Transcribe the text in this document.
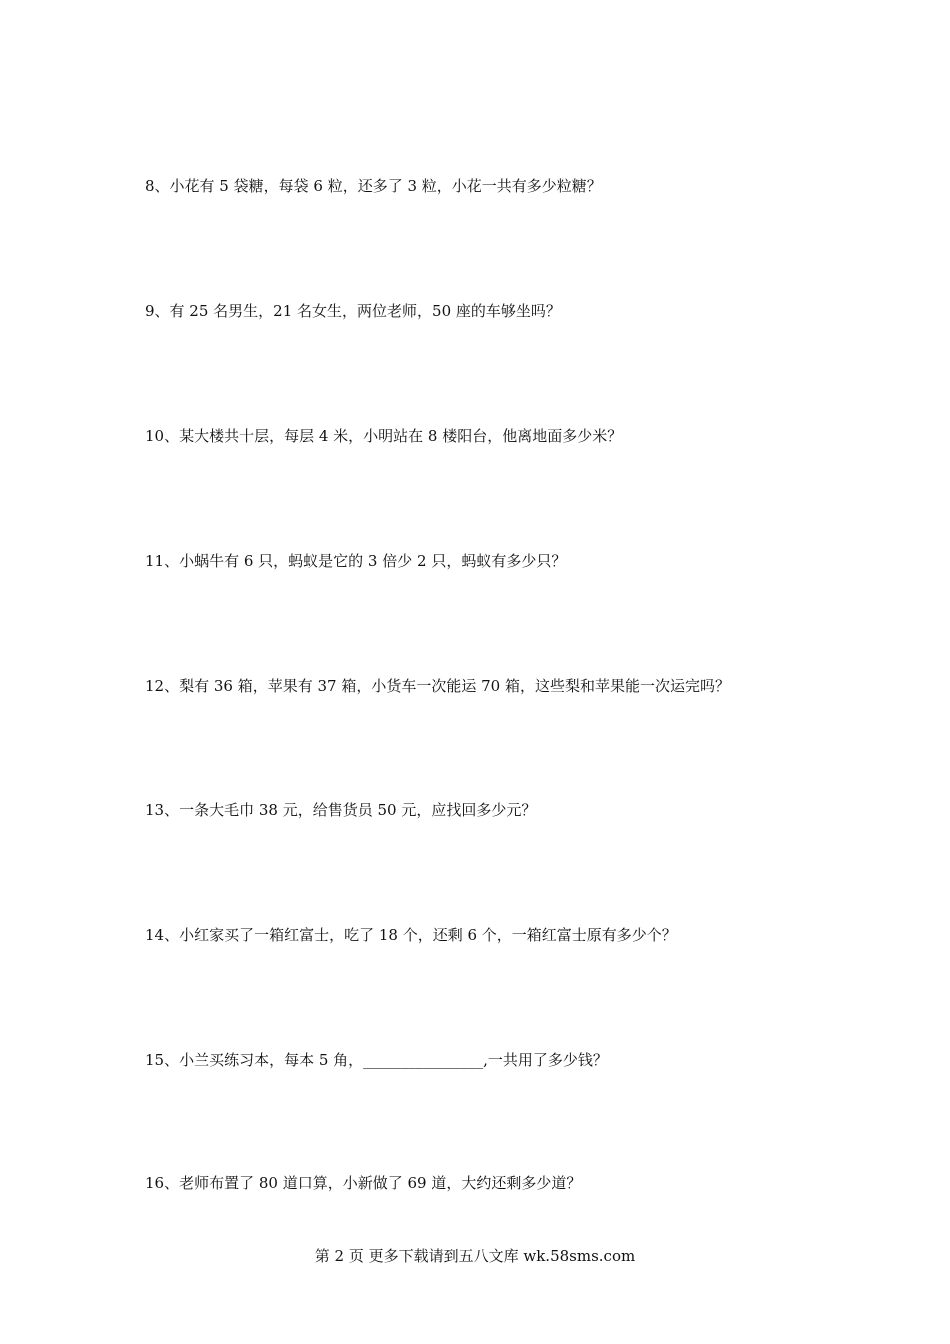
8、小花有 5 袋糖，每袋 6 粒，还多了 3 粒，小花一共有多少粒糖？
9、有 25 名男生，21 名女生，两位老师，50 座的车够坐吗？
10、某大楼共十层，每层 4 米，小明站在 8 楼阳台，他离地面多少米？
11、小蜗牛有 6 只，蚂蚁是它的 3 倍少 2 只，蚂蚁有多少只？
12、梨有 36 箱，苹果有 37 箱，小货车一次能运 70 箱，这些梨和苹果能一次运完吗？
13、一条大毛巾 38 元，给售货员 50 元，应找回多少元？
14、小红家买了一箱红富士，吃了 18 个，还剩 6 个，一箱红富士原有多少个？
15、小兰买练习本，每本 5 角，________________,一共用了多少钱？
16、老师布置了 80 道口算，小新做了 69 道，大约还剩多少道？
第 2 页 更多下载请到五八文库 wk.58sms.com
